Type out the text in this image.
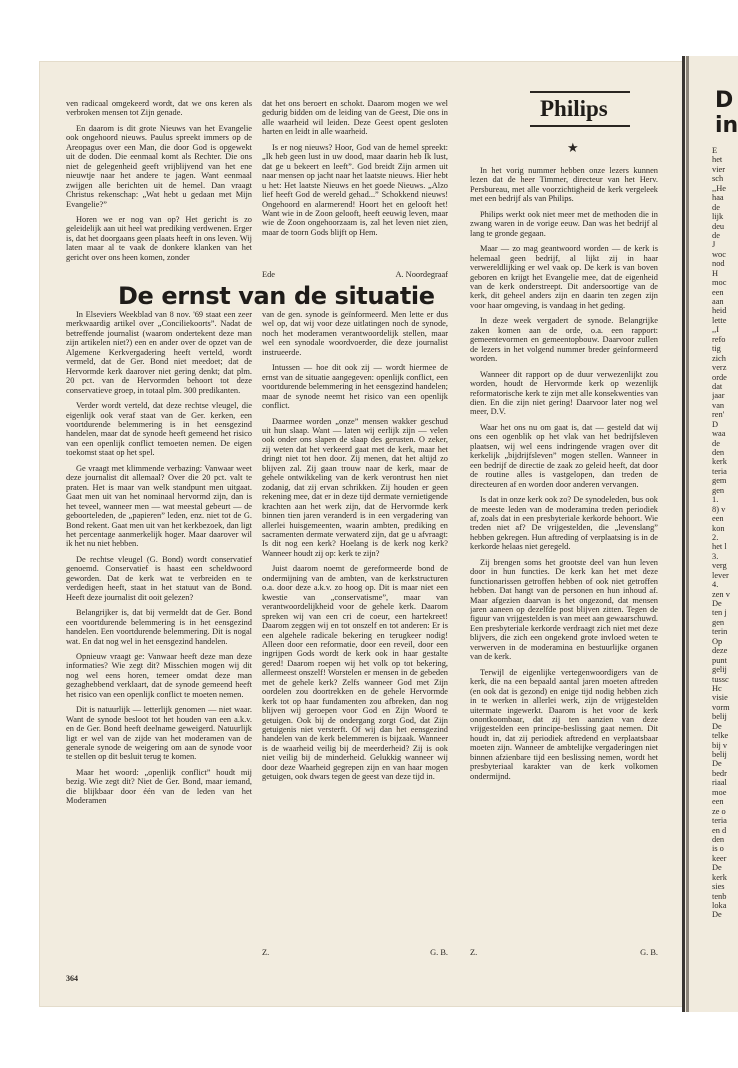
ven radicaal omgekeerd wordt, dat we ons keren als verbroken mensen tot Zijn genade.

En daarom is dit grote Nieuws van het Evangelie ook ongehoord nieuws. Paulus spreekt immers op de Areopagus over een Man, die door God is opgewekt uit de doden. Die eenmaal komt als Rechter. Die ons niet de gelegenheid geeft vrijblijvend van het ene nieuwtje naar het andere te jagen. Want eenmaal zwijgen alle berichten uit de hemel. Dan vraagt Christus rekenschap: „Wat hebt u gedaan met Mijn Evangelie?”

Horen we er nog van op? Het gericht is zo geleidelijk aan uit heel wat prediking verdwenen. Erger is, dat het doorgaans geen plaats heeft in ons leven. Wij laten maar al te vaak de donkere klanken van het gericht over ons heen komen, zonder

dat het ons beroert en schokt. Daarom mogen we wel gedurig bidden om de leiding van de Geest, Die ons in alle waarheid wil leiden. Deze Geest opent gesloten harten en leidt in alle waarheid.

Is er nog nieuws? Hoor, God van de hemel spreekt: „Ik heb geen lust in uw dood, maar daarin heb Ik lust, dat ge u bekeert en leeft”. God breidt Zijn armen uit naar mensen op jacht naar het laatste nieuws. Hier hebt u het: Het laatste Nieuws en het goede Nieuws. „Alzo lief heeft God de wereld gehad...” Schokkend nieuws! Ongehoord en alarmerend! Hoort het en gelooft het! Want wie in de Zoon gelooft, heeft eeuwig leven, maar wie de Zoon ongehoorzaam is, zal het leven niet zien, maar de toorn Gods blijft op Hem.

Ede	A. Noordegraaf
De ernst van de situatie

In Elseviers Weekblad van 8 nov. '69 staat een zeer merkwaardig artikel over „Conciliekoorts”. Nadat de betreffende journalist (waarom ondertekent deze man zijn artikelen niet?) een en ander over de opzet van de Algemene Kerkvergadering heeft verteld, wordt vermeld, dat de Ger. Bond niet meedoet; dat de Hervormde kerk daarover niet gering denkt; dat plm. 20 pct. van de Hervormden behoort tot deze conservatieve groep, in totaal plm. 300 predikanten.

Verder wordt verteld, dat deze rechtse vleugel, die eigenlijk ook veraf staat van de Ger. kerken, een voortdurende belemmering is in het eensgezind handelen, maar dat de synode heeft gemeend het risico van een openlijk conflict temoeten nemen. De eigen toekomst staat op het spel.

Ge vraagt met klimmende verbazing: Vanwaar weet deze journalist dit allemaal? Over die 20 pct. valt te praten. Het is maar van welk standpunt men uitgaat. Gaat men uit van het nominaal hervormd zijn, dan is het teveel, wanneer men — wat meestal gebeurt — de geboorteleden, de „papieren” leden, enz. niet tot de G. Bond rekent. Gaat men uit van het kerkbezoek, dan ligt het percentage aanmerkelijk hoger. Maar daarover wil ik het nu niet hebben.

De rechtse vleugel (G. Bond) wordt conservatief genoemd. Conservatief is haast een scheldwoord geworden. Dat de kerk wat te verbreiden en te verdedigen heeft, staat in het statuut van de Bond. Heeft deze journalist dit ooit gelezen?

Belangrijker is, dat bij vermeldt dat de Ger. Bond een voortdurende belemmering is in het eensgezind handelen. Een voortdurende belemmering. Dit is nogal wat. En dat nog wel in het eensgezind handelen.

Opnieuw vraagt ge: Vanwaar heeft deze man deze informaties? Wie zegt dit? Misschien mogen wij dit nog wel eens horen, temeer omdat deze man gezaghebbend verklaart, dat de synode gemeend heeft het risico van een openlijk conflict te moeten nemen.

Dit is natuurlijk — letterlijk genomen — niet waar. Want de synode besloot tot het houden van een a.k.v. en de Ger. Bond heeft deelname geweigerd. Natuurlijk ligt er wel van de zijde van het moderamen van de generale synode de weigering om aan de synode voor te stellen op dit besluit terug te komen.

Maar het woord: „openlijk conflict” houdt mij bezig. Wie zegt dit? Niet de Ger. Bond, maar iemand, die blijkbaar door één van de leden van het Moderamen

van de gen. synode is geïnformeerd. Men lette er dus wel op, dat wij voor deze uitlatingen noch de synode, noch het moderamen verantwoordelijk stellen, maar wel een synodale woordvoerder, die deze journalist instrueerde.

Intussen — hoe dit ook zij — wordt hiermee de ernst van de situatie aangegeven: openlijk conflict, een voortdurende belemmering in het eensgezind handelen; maar de synode neemt het risico van een openlijk conflict.

Daarmee worden „onze” mensen wakker geschud uit hun slaap. Want — laten wij eerlijk zijn — velen ook onder ons slapen de slaap des gerusten. O zeker, zij weten dat het verkeerd gaat met de kerk, maar het dringt niet tot hen door. Zij menen, dat het altijd zo blijven zal. Zij gaan trouw naar de kerk, maar de gehele ontwikkeling van de kerk verontrust hen niet zodanig, dat zij ervan schrikken. Zij houden er geen rekening mee, dat er in deze tijd dermate vernietigende krachten aan het werk zijn, dat de Hervormde kerk binnen tien jaren veranderd is in een vergadering van allerlei huisgemeenten, waarin ambten, prediking en sacramenten dermate verwaterd zijn, dat ge u afvraagt: Is dit nog een kerk? Hoelang is de kerk nog kerk? Wanneer houdt zij op: kerk te zijn?

Juist daarom noemt de gereformeerde bond de ondermijning van de ambten, van de kerkstructuren o.a. door deze a.k.v. zo hoog op. Dit is maar niet een kwestie van „conservatisme”, maar van verantwoordelijkheid voor de gehele kerk. Daarom spreken wij van een cri de coeur, een hartekreet! Daarom zeggen wij en tot onszelf en tot anderen: Er is een algehele radicale bekering en terugkeer nodig! Alleen door een reformatie, door een reveil, door een ingrijpen Gods wordt de kerk ook in haar gestalte gered! Daarom roepen wij het volk op tot bekering, allermeest onszelf! Worstelen er mensen in de gebeden met de gehele kerk? Zelfs wanneer God met Zijn oordelen zou doortrekken en de gehele Hervormde kerk tot op haar fundamenten zou afbreken, dan nog blijven wij geroepen voor God en Zijn Woord te getuigen. Ook bij de ondergang zorgt God, dat Zijn getuigenis niet versterft. Of wij dan het eensgezind handelen van de kerk belemmeren is bijzaak. Wanneer is de waarheid veilig bij de meerderheid? Zij is ook niet veilig bij de minderheid. Gelukkig wanneer wij door deze Waarheid gegrepen zijn en van haar mogen getuigen, ook dwars tegen de geest van deze tijd in.

Z.	G. B.
Philips
★

In het vorig nummer hebben onze lezers kunnen lezen dat de heer Timmer, directeur van het Herv. Persbureau, met alle voorzichtigheid de kerk vergeleek met een bedrijf als van Philips.

Philips werkt ook niet meer met de methoden die in zwang waren in de vorige eeuw. Dan was het bedrijf al lang te gronde gegaan.

Maar — zo mag geantwoord worden — de kerk is helemaal geen bedrijf, al lijkt zij in haar verwereldlijking er wel vaak op. De kerk is van boven geboren en krijgt het Evangelie mee, dat de eigenheid van de kerk onderstreept. Dit andersoortige van de kerk, dit geheel anders zijn en daarin ten zegen zijn voor haar omgeving, is vandaag in het geding.

In deze week vergadert de synode. Belangrijke zaken komen aan de orde, o.a. een rapport: gemeentevormen en gemeentopbouw. Daarvoor zullen de lezers in het volgend nummer breder geïnformeerd worden.

Wanneer dit rapport op de duur verwezenlijkt zou worden, houdt de Hervormde kerk op wezenlijk reformatorische kerk te zijn met alle konsekwenties van dien. En die zijn niet gering! Daarvoor later nog wel meer, D.V.

Waar het ons nu om gaat is, dat — gesteld dat wij ons een ogenblik op het vlak van het bedrijfsleven plaatsen, wij wel eens indringende vragen over dit kerkelijk „bijdrijfsleven” mogen stellen. Wanneer in een bedrijf de directie de zaak zo geleid heeft, dat door de routine alles is vastgelopen, dan treden de directeuren af en worden door anderen vervangen.

Is dat in onze kerk ook zo? De synodeleden, bus ook de meeste leden van de moderamina treden periodiek af, zoals dat in een presbyteriale kerkorde behoort. Wie treden niet af? De vrijgestelden, die „levenslang” hebben gekregen. Hun aftreding of verplaatsing is in de kerkorde helaas niet geregeld.

Zij brengen soms het grootste deel van hun leven door in hun functies. De kerk kan het met deze functionarissen getroffen hebben of ook niet getroffen hebben. Dat hangt van de personen en hun inhoud af. Maar afgezien daarvan is het ongezond, dat mensen jaren aaneen op dezelfde post blijven zitten. Tegen de figuur van vrijgestelden is van meet aan gewaarschuwd. Een presbyteriale kerkorde verdraagt zich niet met deze blijvers, die zich een ongekend grote invloed weten te verwerven in de moderamina en bestuurlijke organen van de kerk.

Terwijl de eigenlijke vertegenwoordigers van de kerk, die na een bepaald aantal jaren moeten aftreden (en ook dat is gezond) en enige tijd nodig hebben zich in te werken in allerlei werk, zijn de vrijgestelden uitermate ingewerkt. Daarom is het voor de kerk onontkoombaar, dat zij ten aanzien van deze vrijgestelden een principe-beslissing gaat nemen. Dit houdt in, dat zij periodiek aftredend en verplaatsbaar moeten zijn. Wanneer de ambtelijke vergaderingen niet binnen afzienbare tijd een beslissing nemen, wordt het presbyteriaal karakter van de kerk volkomen ondermijnd.

Z.	G. B.
364
D
in
E
het
vier
sch
,,He
haa
de
lijk
deu
de
J
woc
nod
H
moc
een
aan
heid
lette
,,I
refo
tig
zich
verz
orde
dat
jaar
van
ren'
D
waa
de
den
kerk
teria
gem
gen
1.
8) v
een
kon
2.
het l
3.
verg
lever
4.
zen v
De
ten j
gen
terin
Op
deze
punt
gelij
tussc
Hc
visie
vorm
belij
De
telke
bij v
belij
De
bedr
riaal
moe
een
ze o
teria
en d
den
is o
keer
De
kerk
sies
tenb
loka
De
